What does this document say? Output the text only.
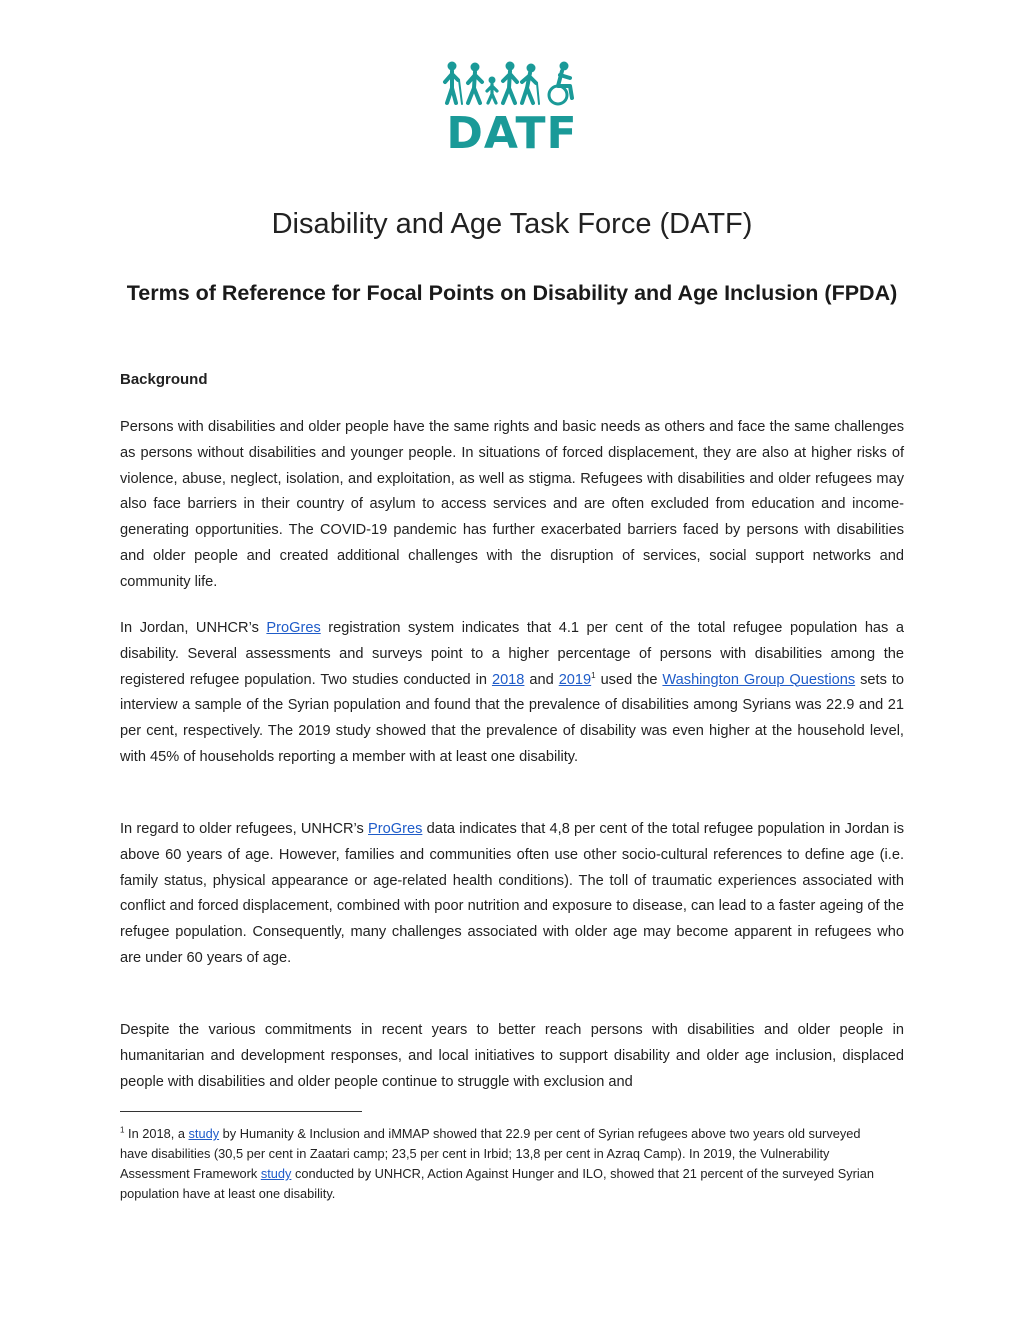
DATF
Disability and Age Task Force (DATF)
Terms of Reference for Focal Points on Disability and Age Inclusion (FPDA)
Background

Persons with disabilities and older people have the same rights and basic needs as others and face the same challenges as persons without disabilities and younger people. In situations of forced displacement, they are also at higher risks of violence, abuse, neglect, isolation, and exploitation, as well as stigma. Refugees with disabilities and older refugees may also face barriers in their country of asylum to access services and are often excluded from education and income-generating opportunities. The COVID-19 pandemic has further exacerbated barriers faced by persons with disabilities and older people and created additional challenges with the disruption of services, social support networks and community life.

In Jordan, UNHCR’s ProGres registration system indicates that 4.1 per cent of the total refugee population has a disability. Several assessments and surveys point to a higher percentage of persons with disabilities among the registered refugee population. Two studies conducted in 2018 and 2019$^1$ used the Washington Group Questions sets to interview a sample of the Syrian population and found that the prevalence of disabilities among Syrians was 22.9 and 21 per cent, respectively. The 2019 study showed that the prevalence of disability was even higher at the household level, with 45% of households reporting a member with at least one disability.

In regard to older refugees, UNHCR’s ProGres data indicates that 4,8 per cent of the total refugee population in Jordan is above 60 years of age. However, families and communities often use other socio-cultural references to define age (i.e. family status, physical appearance or age-related health conditions). The toll of traumatic experiences associated with conflict and forced displacement, combined with poor nutrition and exposure to disease, can lead to a faster ageing of the refugee population. Consequently, many challenges associated with older age may become apparent in refugees who are under 60 years of age.

Despite the various commitments in recent years to better reach persons with disabilities and older people in humanitarian and development responses, and local initiatives to support disability and older age inclusion, displaced people with disabilities and older people continue to struggle with exclusion and

$^1$ In 2018, a study by Humanity & Inclusion and iMMAP showed that 22.9 per cent of Syrian refugees above two years old surveyed have disabilities (30,5 per cent in Zaatari camp; 23,5 per cent in Irbid; 13,8 per cent in Azraq Camp). In 2019, the Vulnerability Assessment Framework study conducted by UNHCR, Action Against Hunger and ILO, showed that 21 percent of the surveyed Syrian population have at least one disability.
